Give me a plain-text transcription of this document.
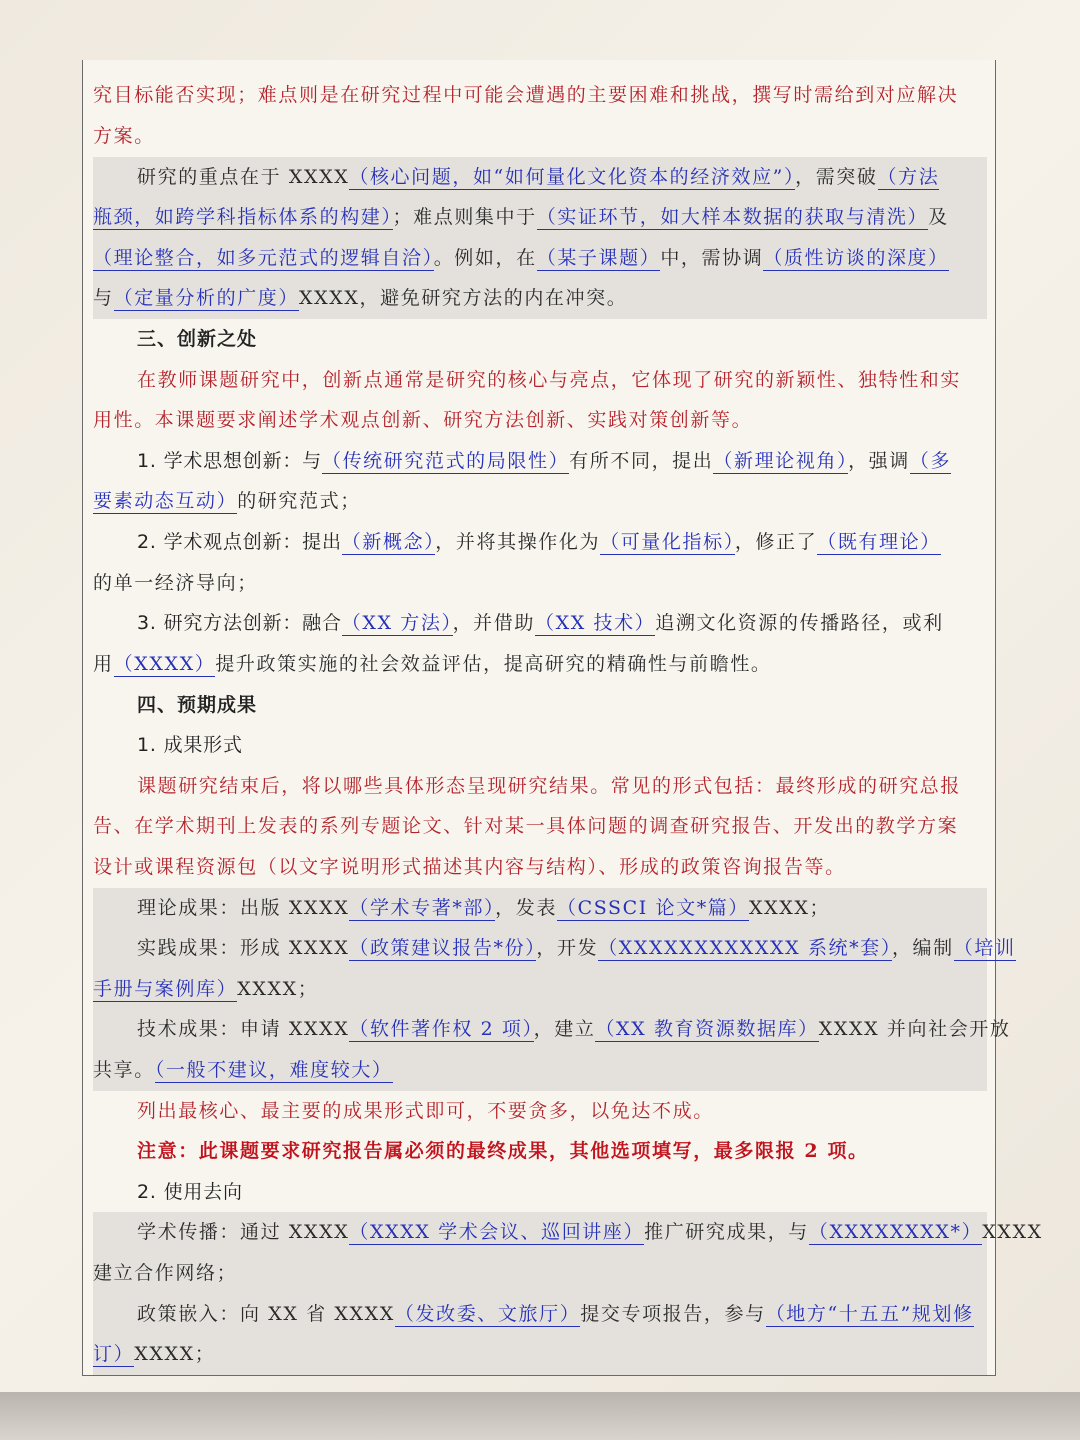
究目标能否实现；难点则是在研究过程中可能会遭遇的主要困难和挑战，撰写时需给到对应解决
方案。
研究的重点在于 XXXX（核心问题，如“如何量化文化资本的经济效应”），需突破（方法
瓶颈，如跨学科指标体系的构建）；难点则集中于（实证环节，如大样本数据的获取与清洗）及
（理论整合，如多元范式的逻辑自洽）。例如，在（某子课题）中，需协调（质性访谈的深度）
与（定量分析的广度）XXXX，避免研究方法的内在冲突。
三、创新之处
在教师课题研究中，创新点通常是研究的核心与亮点，它体现了研究的新颖性、独特性和实
用性。本课题要求阐述学术观点创新、研究方法创新、实践对策创新等。
1. 学术思想创新：与（传统研究范式的局限性）有所不同，提出（新理论视角），强调（多
要素动态互动）的研究范式；
2. 学术观点创新：提出（新概念），并将其操作化为（可量化指标），修正了（既有理论）
的单一经济导向；
3. 研究方法创新：融合（XX 方法），并借助（XX 技术）追溯文化资源的传播路径，或利
用（XXXX）提升政策实施的社会效益评估，提高研究的精确性与前瞻性。
四、预期成果
1. 成果形式
课题研究结束后，将以哪些具体形态呈现研究结果。常见的形式包括：最终形成的研究总报
告、在学术期刊上发表的系列专题论文、针对某一具体问题的调查研究报告、开发出的教学方案
设计或课程资源包（以文字说明形式描述其内容与结构）、形成的政策咨询报告等。
理论成果：出版 XXXX（学术专著*部），发表（CSSCI 论文*篇）XXXX；
实践成果：形成 XXXX（政策建议报告*份），开发（XXXXXXXXXXXX 系统*套），编制（培训
手册与案例库）XXXX；
技术成果：申请 XXXX（软件著作权 2 项），建立（XX 教育资源数据库）XXXX 并向社会开放
共享。（一般不建议，难度较大）
列出最核心、最主要的成果形式即可，不要贪多，以免达不成。
注意：此课题要求研究报告属必须的最终成果，其他选项填写，最多限报 2 项。
2. 使用去向
学术传播：通过 XXXX（XXXX 学术会议、巡回讲座）推广研究成果，与（XXXXXXXX*）XXXX
建立合作网络；
政策嵌入：向 XX 省 XXXX（发改委、文旅厅）提交专项报告，参与（地方“十五五”规划修
订）XXXX；
